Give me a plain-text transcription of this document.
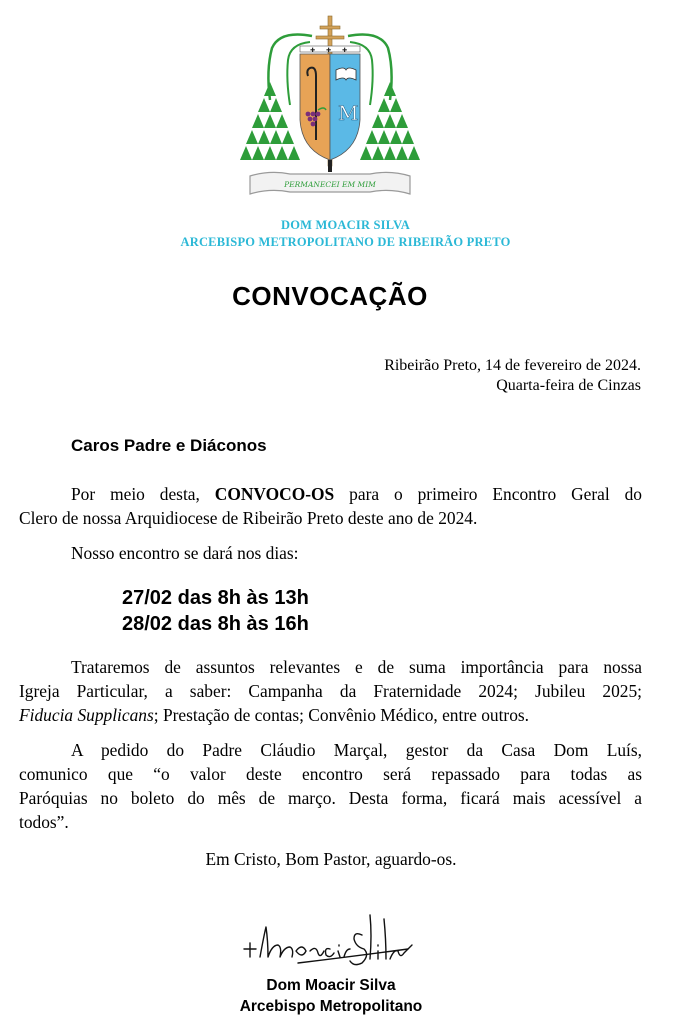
✚ ✚ ✚
M
PERMANECEI EM MIM
DOM MOACIR SILVA
ARCEBISPO METROPOLITANO DE RIBEIRÃO PRETO
CONVOCAÇÃO
Ribeirão Preto, 14 de fevereiro de 2024.
Quarta-feira de Cinzas
Caros Padre e Diáconos
Por meio desta, CONVOCO-OS para o primeiro Encontro Geral do
Clero de nossa Arquidiocese de Ribeirão Preto deste ano de 2024.
Nosso encontro se dará nos dias:
27/02 das 8h às 13h
28/02 das 8h às 16h
Trataremos de assuntos relevantes e de suma importância para nossa
Igreja Particular, a saber: Campanha da Fraternidade 2024; Jubileu 2025;
Fiducia Supplicans; Prestação de contas; Convênio Médico, entre outros.
A pedido do Padre Cláudio Marçal, gestor da Casa Dom Luís,
comunico que “o valor deste encontro será repassado para todas as
Paróquias no boleto do mês de março. Desta forma, ficará mais acessível a
todos”.
Em Cristo, Bom Pastor, aguardo-os.
Dom Moacir Silva
Arcebispo Metropolitano
